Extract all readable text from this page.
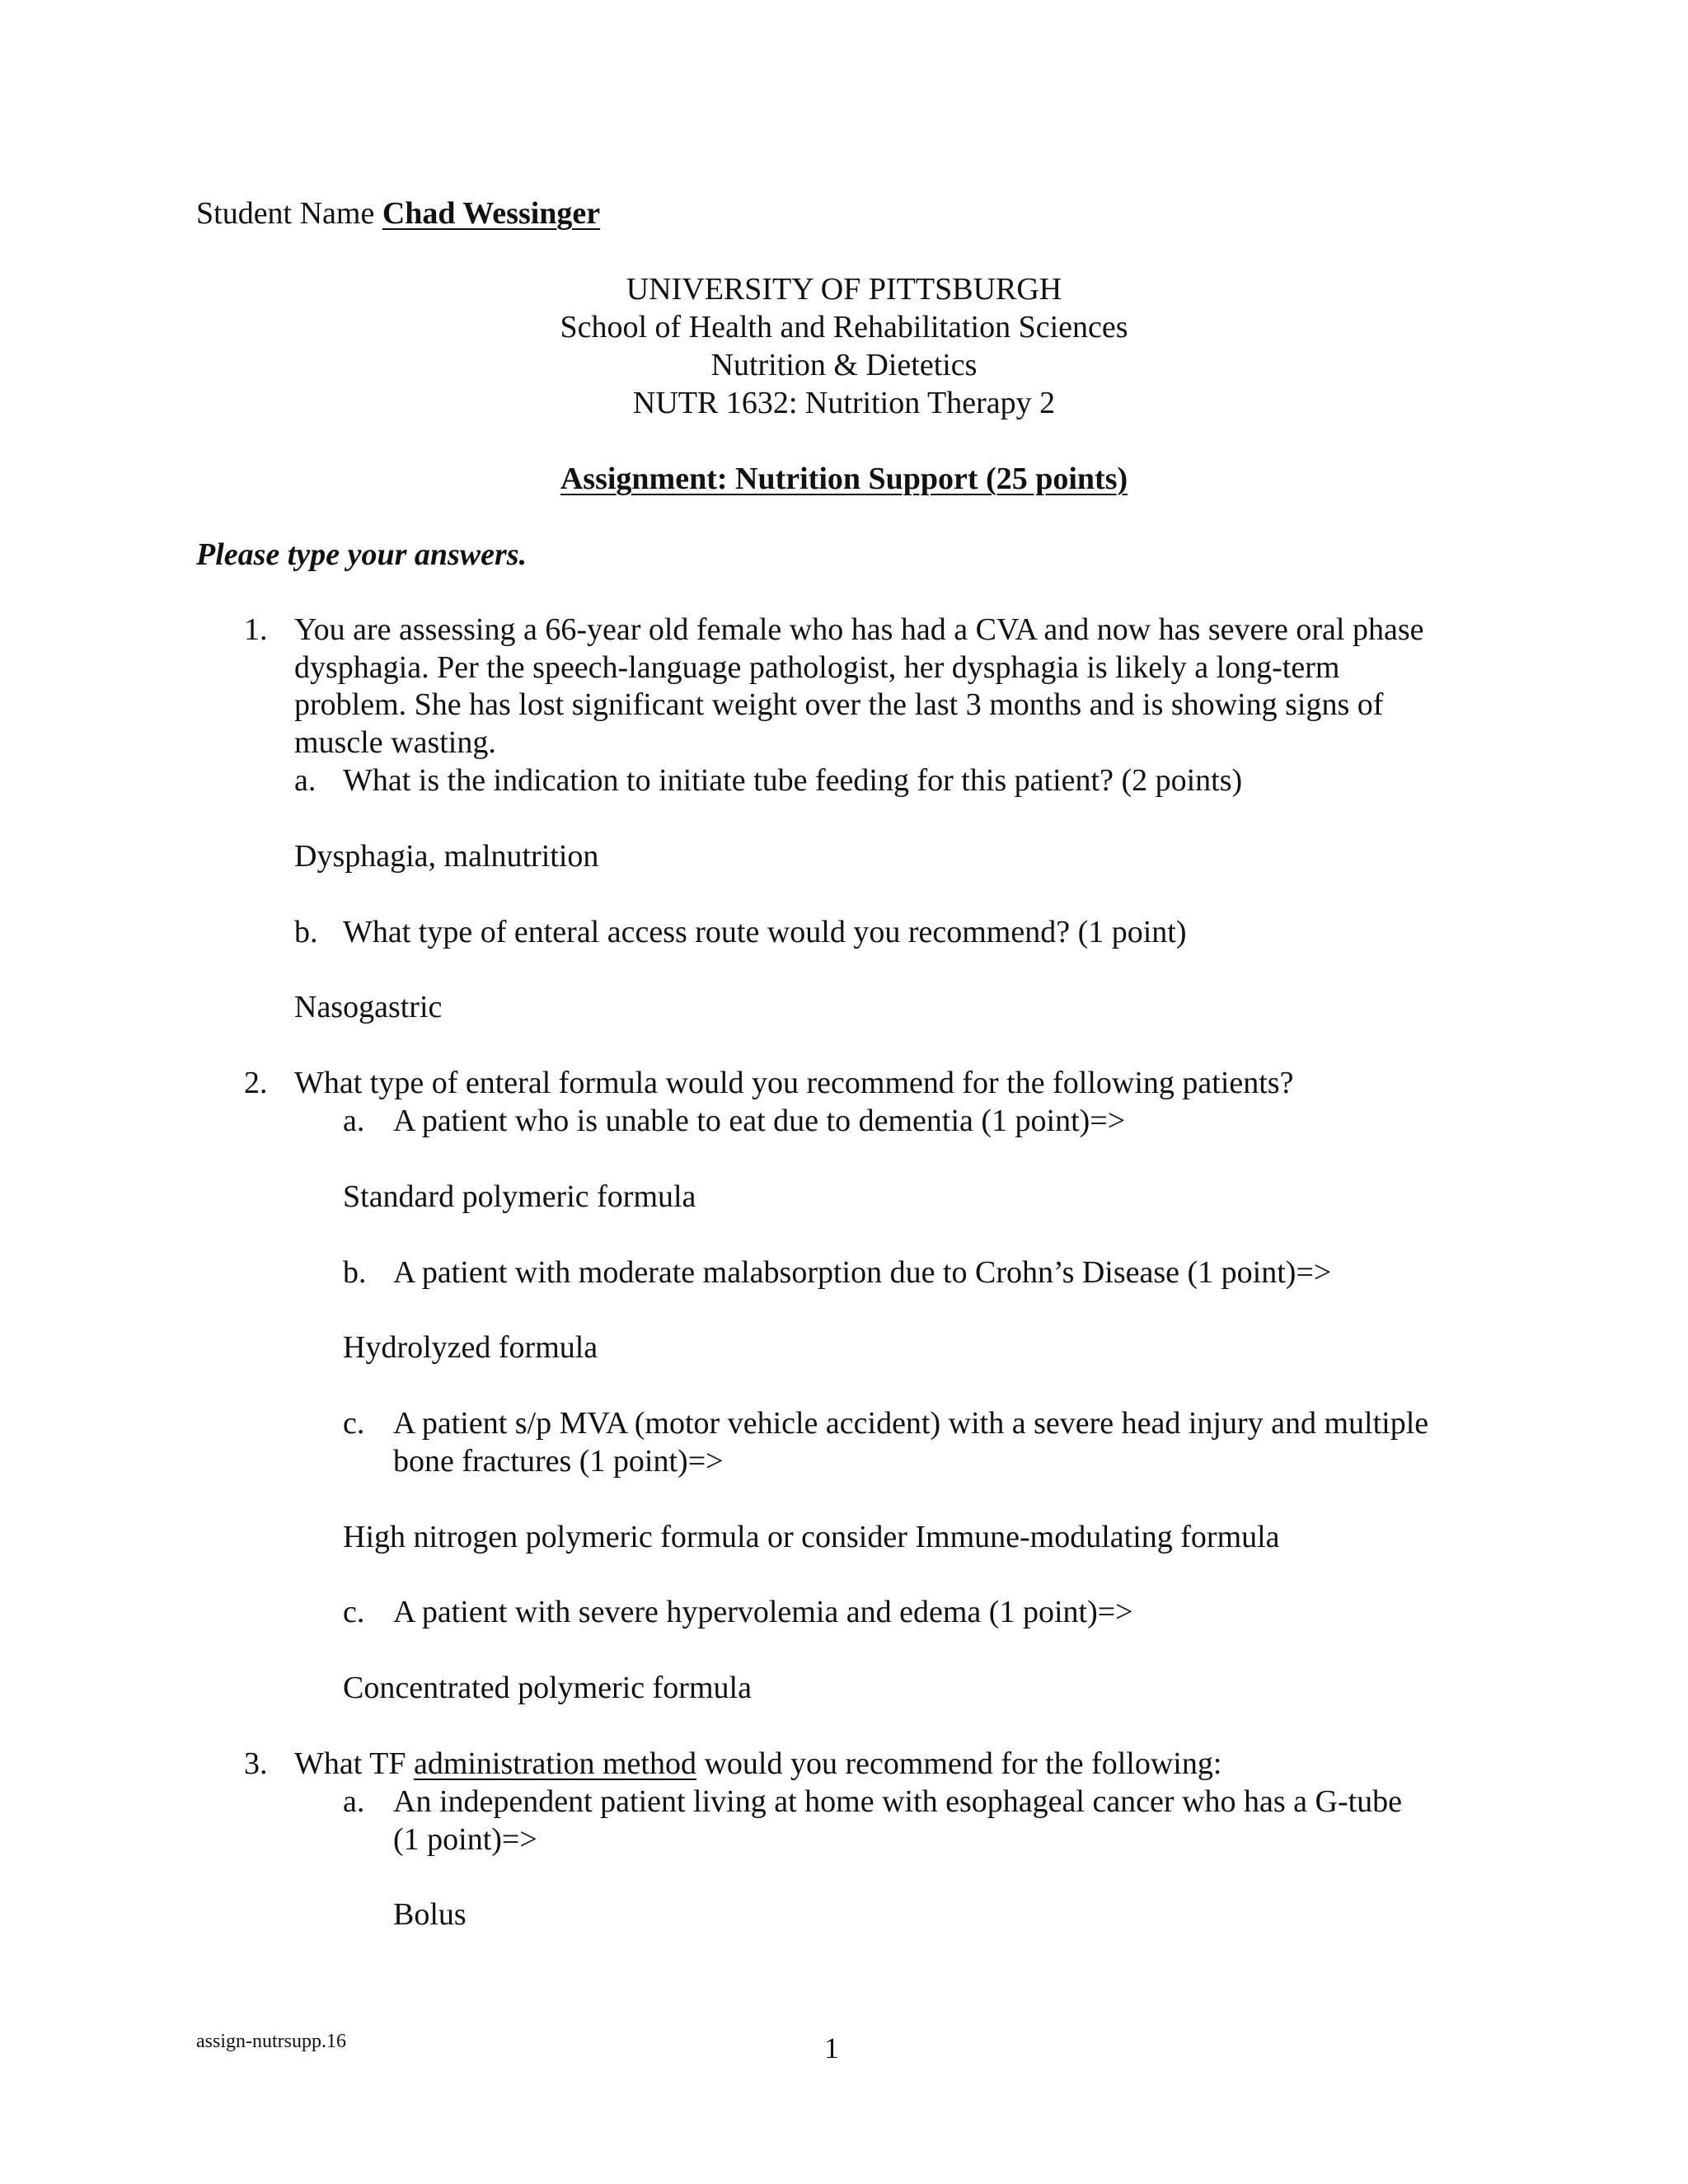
Student Name Chad Wessinger
UNIVERSITY OF PITTSBURGH
School of Health and Rehabilitation Sciences
Nutrition & Dietetics
NUTR 1632: Nutrition Therapy 2
Assignment: Nutrition Support (25 points)
Please type your answers.
1. You are assessing a 66-year old female who has had a CVA and now has severe oral phase
dysphagia. Per the speech-language pathologist, her dysphagia is likely a long-term
problem. She has lost significant weight over the last 3 months and is showing signs of
muscle wasting.
a. What is the indication to initiate tube feeding for this patient? (2 points)
Dysphagia, malnutrition
b. What type of enteral access route would you recommend? (1 point)
Nasogastric
2. What type of enteral formula would you recommend for the following patients?
a. A patient who is unable to eat due to dementia (1 point)=>
Standard polymeric formula
b. A patient with moderate malabsorption due to Crohn’s Disease (1 point)=>
Hydrolyzed formula
c. A patient s/p MVA (motor vehicle accident) with a severe head injury and multiple
bone fractures (1 point)=>
High nitrogen polymeric formula or consider Immune-modulating formula
c. A patient with severe hypervolemia and edema (1 point)=>
Concentrated polymeric formula
3. What TF administration method would you recommend for the following:
a. An independent patient living at home with esophageal cancer who has a G-tube
(1 point)=>
Bolus
assign-nutrsupp.16	1
